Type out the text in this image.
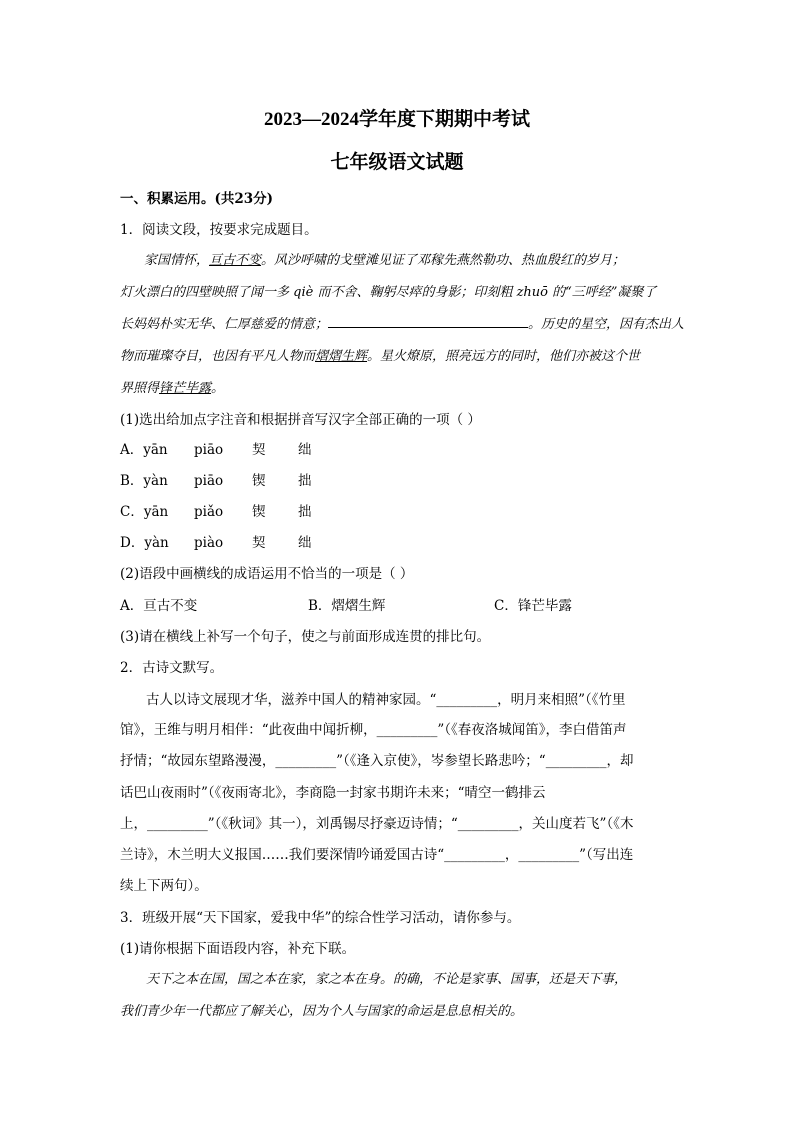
2023—2024学年度下期期中考试
七年级语文试题
一、积累运用。(共23分)
1．阅读文段，按要求完成题目。
家国情怀，亘古不变。风沙呼啸的戈壁滩见证了邓稼先燕然勒功、热血殷红的岁月；
灯火漂白的四壁映照了闻一多 qiè 而不舍、鞠躬尽瘁的身影；印刻粗 zhuō 的“三呼经”凝聚了
长妈妈朴实无华、仁厚慈爱的情意；	。历史的星空，因有杰出人
物而璀璨夺目，也因有平凡人物而熠熠生辉。星火燎原，照亮远方的同时，他们亦被这个世
界照得锋芒毕露。
(1)选出给加点字注音和根据拼音写汉字全部正确的一项（ ）
A．yān piāo 契 绌
B．yàn piāo 锲 拙
C．yān piǎo 锲 拙
D．yàn piào 契 绌
(2)语段中画横线的成语运用不恰当的一项是（ ）
A．亘古不变	B．熠熠生辉	C．锋芒毕露
(3)请在横线上补写一个句子，使之与前面形成连贯的排比句。
2．古诗文默写。
古人以诗文展现才华，滋养中国人的精神家园。“_________，明月来相照”（《竹里
馆》，王维与明月相伴：“此夜曲中闻折柳，_________”（《春夜洛城闻笛》，李白借笛声
抒情；“故园东望路漫漫，_________”（《逢入京使》，岑参望长路悲吟；“_________，却
话巴山夜雨时”（《夜雨寄北》，李商隐一封家书期许未来；“晴空一鹤排云
上，_________”（《秋词》其一），刘禹锡尽抒豪迈诗情；“_________，关山度若飞”（《木
兰诗》，木兰明大义报国……我们要深情吟诵爱国古诗“_________，_________”（写出连
续上下两句）。
3．班级开展“天下国家，爱我中华”的综合性学习活动，请你参与。
(1)请你根据下面语段内容，补充下联。
天下之本在国，国之本在家，家之本在身。的确，不论是家事、国事，还是天下事，
我们青少年一代都应了解关心，因为个人与国家的命运是息息相关的。
